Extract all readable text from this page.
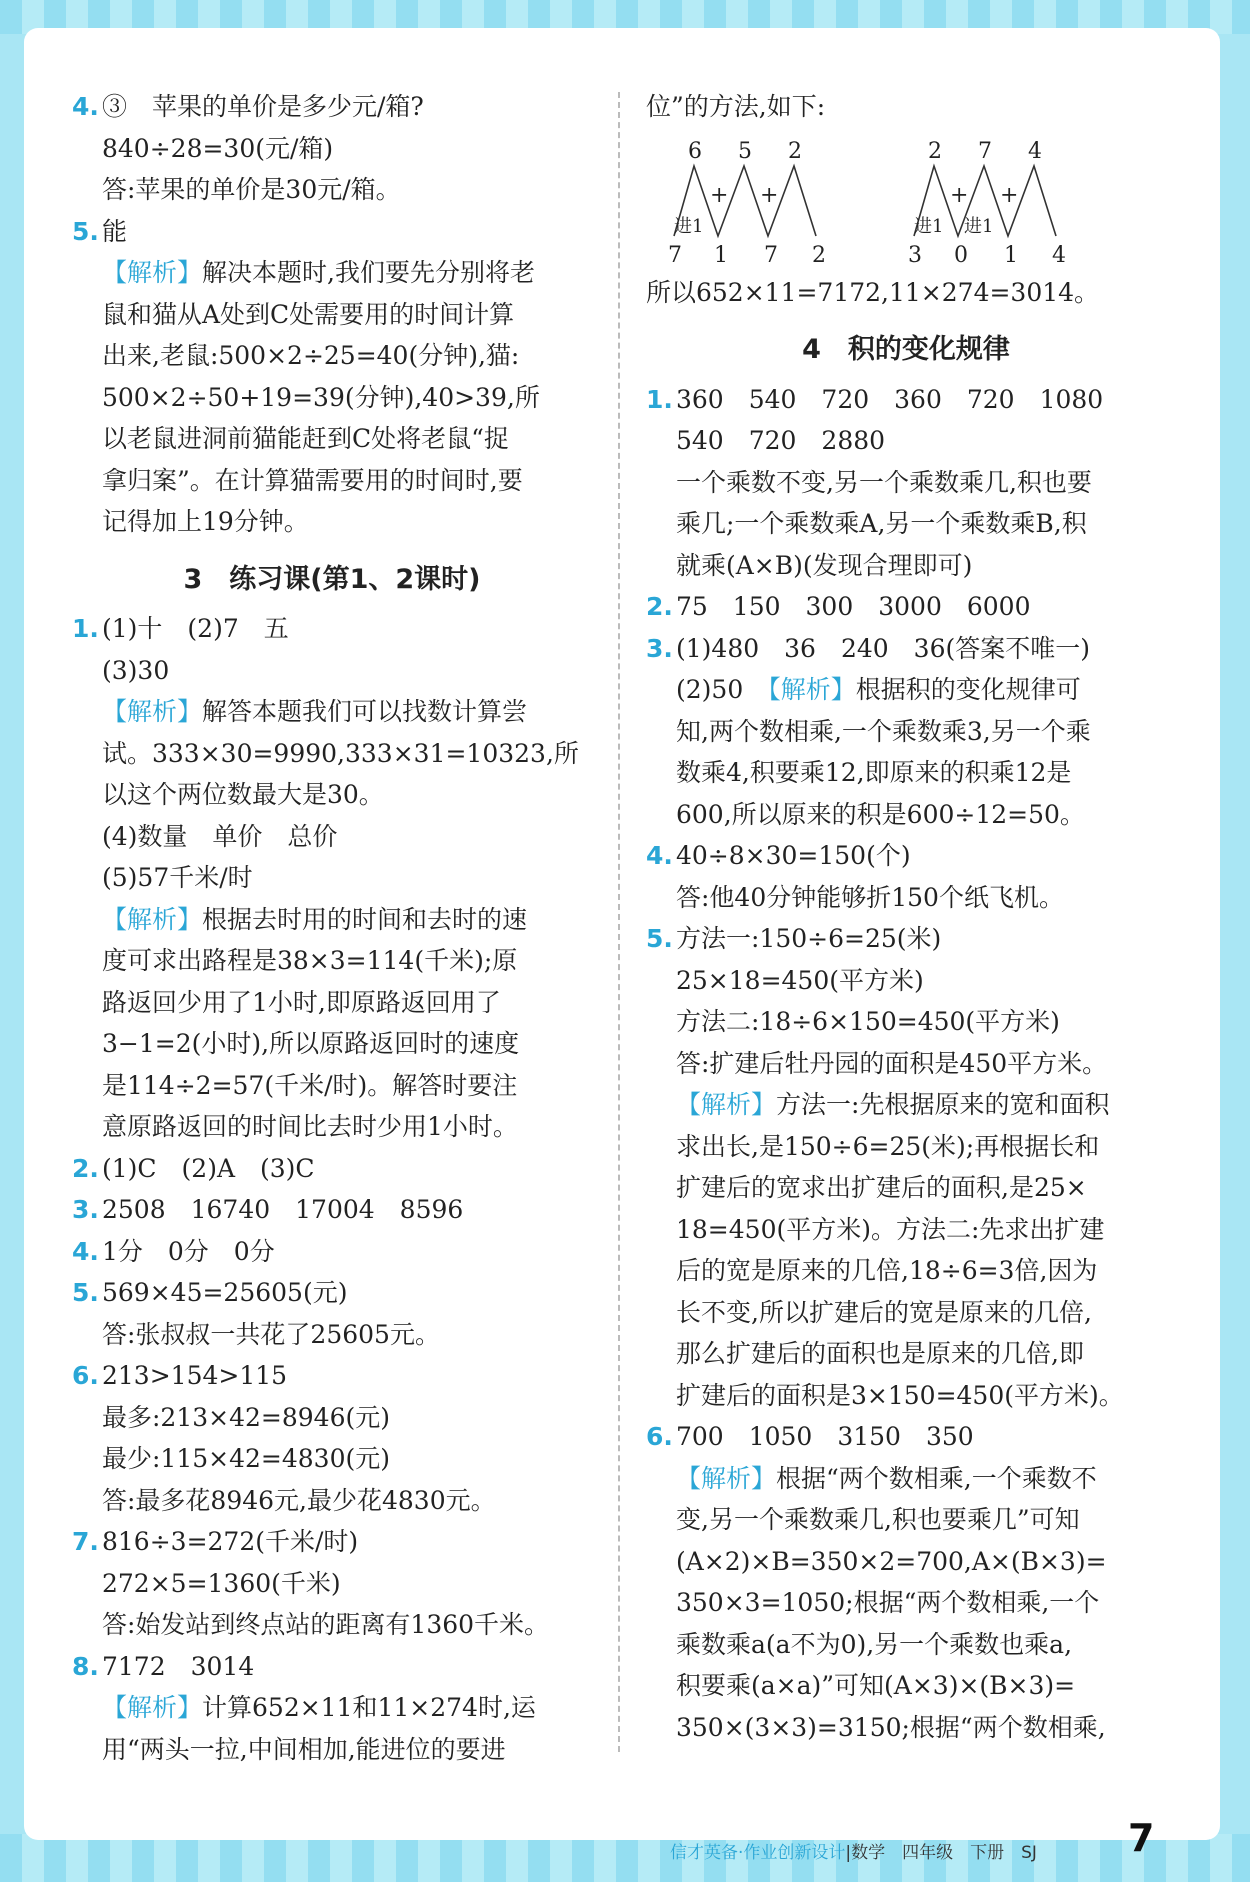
4. ③　苹果的单价是多少元/箱?
840÷28=30(元/箱)
答:苹果的单价是30元/箱。
5. 能
【解析】解决本题时,我们要先分别将老
鼠和猫从A处到C处需要用的时间计算
出来,老鼠:500×2÷25=40(分钟),猫:
500×2÷50+19=39(分钟),40>39,所
以老鼠进洞前猫能赶到C处将老鼠“捉
拿归案”。在计算猫需要用的时间时,要
记得加上19分钟。
3　练习课(第1、2课时)
1. (1)十　(2)7　五
(3)30
【解析】解答本题我们可以找数计算尝
试。333×30=9990,333×31=10323,所
以这个两位数最大是30。
(4)数量　单价　总价
(5)57千米/时
【解析】根据去时用的时间和去时的速
度可求出路程是38×3=114(千米);原
路返回少用了1小时,即原路返回用了
3−1=2(小时),所以原路返回时的速度
是114÷2=57(千米/时)。解答时要注
意原路返回的时间比去时少用1小时。
2. (1)C　(2)A　(3)C
3. 2508　16740　17004　8596
4. 1分　0分　0分
5. 569×45=25605(元)
答:张叔叔一共花了25605元。
6. 213>154>115
最多:213×42=8946(元)
最少:115×42=4830(元)
答:最多花8946元,最少花4830元。
7. 816÷3=272(千米/时)
272×5=1360(千米)
答:始发站到终点站的距离有1360千米。
8. 7172　3014
【解析】计算652×11和11×274时,运
用“两头一拉,中间相加,能进位的要进
位”的方法,如下:
6 5 2
+ +
进1
7 1 7 2
2 7 4
+ +
进1 进1
3 0 1 4
所以652×11=7172,11×274=3014。
4　积的变化规律
1. 360　540　720　360　720　1080
540　720　2880
一个乘数不变,另一个乘数乘几,积也要
乘几;一个乘数乘A,另一个乘数乘B,积
就乘(A×B)(发现合理即可)
2. 75　150　300　3000　6000
3. (1)480　36　240　36(答案不唯一)
(2)50　【解析】根据积的变化规律可
知,两个数相乘,一个乘数乘3,另一个乘
数乘4,积要乘12,即原来的积乘12是
600,所以原来的积是600÷12=50。
4. 40÷8×30=150(个)
答:他40分钟能够折150个纸飞机。
5. 方法一:150÷6=25(米)
25×18=450(平方米)
方法二:18÷6×150=450(平方米)
答:扩建后牡丹园的面积是450平方米。
【解析】方法一:先根据原来的宽和面积
求出长,是150÷6=25(米);再根据长和
扩建后的宽求出扩建后的面积,是25×
18=450(平方米)。方法二:先求出扩建
后的宽是原来的几倍,18÷6=3倍,因为
长不变,所以扩建后的宽是原来的几倍,
那么扩建后的面积也是原来的几倍,即
扩建后的面积是3×150=450(平方米)。
6. 700　1050　3150　350
【解析】根据“两个数相乘,一个乘数不
变,另一个乘数乘几,积也要乘几”可知
(A×2)×B=350×2=700,A×(B×3)=
350×3=1050;根据“两个数相乘,一个
乘数乘a(a不为0),另一个乘数也乘a,
积要乘(a×a)”可知(A×3)×(B×3)=
350×(3×3)=3150;根据“两个数相乘,
信才英备·作业创新设计|数学　四年级　下册　SJ 7
